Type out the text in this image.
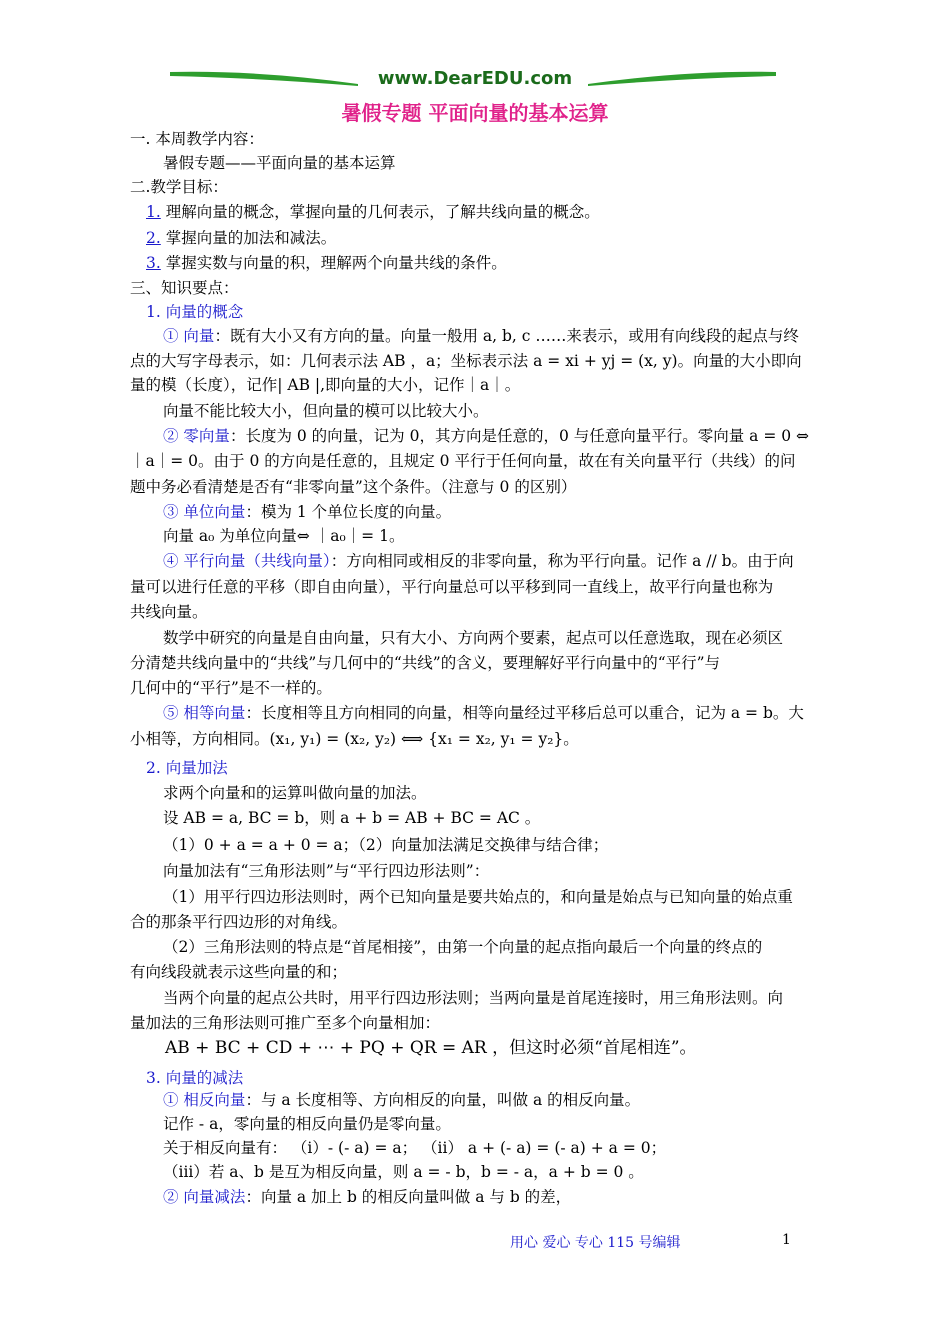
www.DearEDU.com
暑假专题 平面向量的基本运算
一. 本周教学内容：
暑假专题——平面向量的基本运算
二.教学目标：
1. 理解向量的概念，掌握向量的几何表示，了解共线向量的概念。
2. 掌握向量的加法和减法。
3. 掌握实数与向量的积，理解两个向量共线的条件。
三、知识要点：
1. 向量的概念
① 向量：既有大小又有方向的量。向量一般用 a, b, c ……来表示，或用有向线段的起点与终
点的大写字母表示，如：几何表示法 AB ，a；坐标表示法 a = xi + yj = (x, y)。向量的大小即向
量的模（长度），记作| AB |,即向量的大小，记作｜a｜。
向量不能比较大小，但向量的模可以比较大小。
② 零向量：长度为 0 的向量，记为 0，其方向是任意的，0 与任意向量平行。零向量 a = 0 ⇔
｜a｜= 0。由于 0 的方向是任意的，且规定 0 平行于任何向量，故在有关向量平行（共线）的问
题中务必看清楚是否有“非零向量”这个条件。（注意与 0 的区别）
③ 单位向量：模为 1 个单位长度的向量。
向量 a₀ 为单位向量⇔ ｜a₀｜= 1。
④ 平行向量（共线向量）：方向相同或相反的非零向量，称为平行向量。记作 a // b。由于向
量可以进行任意的平移（即自由向量），平行向量总可以平移到同一直线上，故平行向量也称为
共线向量。
数学中研究的向量是自由向量，只有大小、方向两个要素，起点可以任意选取，现在必须区
分清楚共线向量中的“共线”与几何中的“共线”的含义，要理解好平行向量中的“平行”与
几何中的“平行”是不一样的。
⑤ 相等向量：长度相等且方向相同的向量，相等向量经过平移后总可以重合，记为 a = b。大
小相等，方向相同。(x₁, y₁) = (x₂, y₂) ⟺ {x₁ = x₂, y₁ = y₂}。
2. 向量加法
求两个向量和的运算叫做向量的加法。
设 AB = a, BC = b，则 a + b = AB + BC = AC 。
（1）0 + a = a + 0 = a；（2）向量加法满足交换律与结合律；
向量加法有“三角形法则”与“平行四边形法则”：
（1）用平行四边形法则时，两个已知向量是要共始点的，和向量是始点与已知向量的始点重
合的那条平行四边形的对角线。
（2）三角形法则的特点是“首尾相接”，由第一个向量的起点指向最后一个向量的终点的
有向线段就表示这些向量的和；
当两个向量的起点公共时，用平行四边形法则；当两向量是首尾连接时，用三角形法则。向
量加法的三角形法则可推广至多个向量相加：
AB + BC + CD + ⋯ + PQ + QR = AR ，但这时必须“首尾相连”。
3. 向量的减法
① 相反向量：与 a 长度相等、方向相反的向量，叫做 a 的相反向量。
记作 - a，零向量的相反向量仍是零向量。
关于相反向量有： （i）- (- a) = a； （ii） a + (- a) = (- a) + a = 0；
（iii）若 a、b 是互为相反向量，则 a = - b，b = - a，a + b = 0 。
② 向量减法：向量 a 加上 b 的相反向量叫做 a 与 b 的差，
用心 爱心 专心 115 号编辑	1
